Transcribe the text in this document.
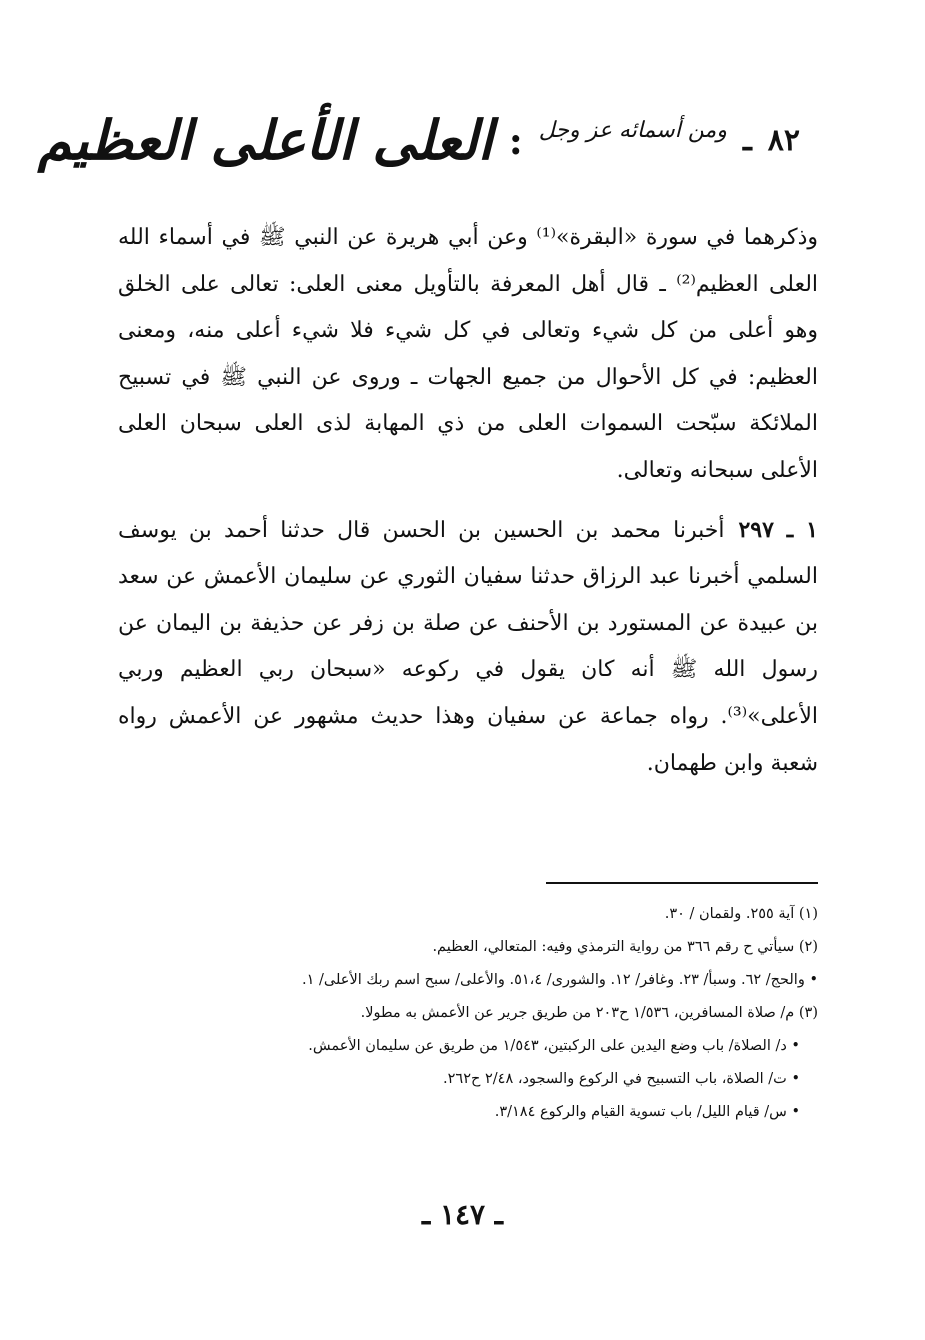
٨٢
ـ
ومن أسمائه عز وجل
:
العلى الأعلى العظيم

وذكرهما في سورة «البقرة»⁽¹⁾ وعن أبي هريرة عن النبي ﷺ في أسماء الله العلى العظيم⁽²⁾ ـ قال أهل المعرفة بالتأويل معنى العلى: تعالى على الخلق وهو أعلى من كل شيء وتعالى في كل شيء فلا شيء أعلى منه، ومعنى العظيم: في كل الأحوال من جميع الجهات ـ وروى عن النبي ﷺ في تسبيح الملائكة سبّحت السموات العلى من ذي المهابة لذى العلى سبحان العلى الأعلى سبحانه وتعالى.

١ ـ ٢٩٧أخبرنا محمد بن الحسين بن الحسن قال حدثنا أحمد بن يوسف السلمي أخبرنا عبد الرزاق حدثنا سفيان الثوري عن سليمان الأعمش عن سعد بن عبيدة عن المستورد بن الأحنف عن صلة بن زفر عن حذيفة بن اليمان عن رسول الله ﷺ أنه كان يقول في ركوعه «سبحان ربي العظيم وربي الأعلى»⁽³⁾. رواه جماعة عن سفيان وهذا حديث مشهور عن الأعمش رواه شعبة وابن طهمان.

(١) آية ٢٥٥. ولقمان / ٣٠.

(٢) سيأتي ح رقم ٣٦٦ من رواية الترمذي وفيه: المتعالي، العظيم.

• والحج/ ٦٢. وسبأ/ ٢٣. وغافر/ ١٢. والشورى/ ٥١،٤. والأعلى/ سبح اسم ربك الأعلى/ ١.

(٣) م/ صلاة المسافرين، ١/٥٣٦ ح٢٠٣ من طريق جرير عن الأعمش به مطولا.

• د/ الصلاة/ باب وضع اليدين على الركبتين، ١/٥٤٣ من طريق عن سليمان الأعمش.

• ت/ الصلاة، باب التسبيح في الركوع والسجود، ٢/٤٨ ح٢٦٢.

• س/ قيام الليل/ باب تسوية القيام والركوع ٣/١٨٤.

ـ ١٤٧ ـ
